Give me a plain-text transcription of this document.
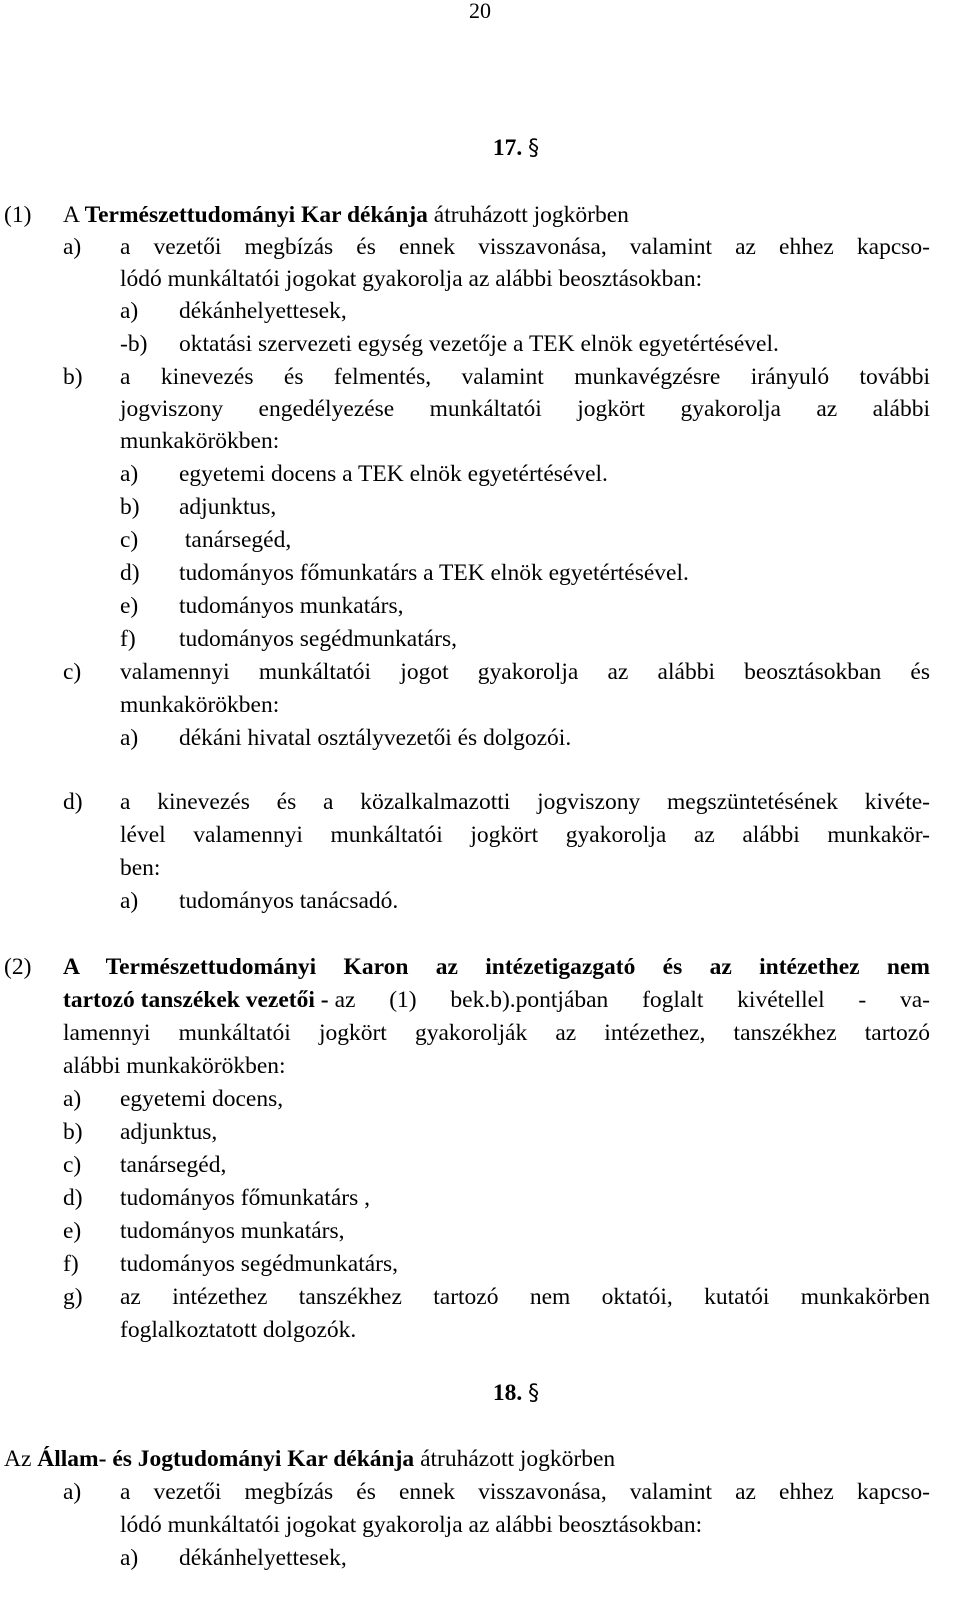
20
17. §
(1) A Természettudományi Kar dékánja átruházott jogkörben
a) a vezetői megbízás és ennek visszavonása, valamint az ehhez kapcso-
lódó munkáltatói jogokat gyakorolja az alábbi beosztásokban:
a) dékánhelyettesek,
-b) oktatási szervezeti egység vezetője a TEK elnök egyetértésével.
b) a kinevezés és felmentés, valamint munkavégzésre irányuló további
jogviszony engedélyezése munkáltatói jogkört gyakorolja az alábbi
munkakörökben:
a) egyetemi docens a TEK elnök egyetértésével.
b) adjunktus,
c) tanársegéd,
d) tudományos főmunkatárs a TEK elnök egyetértésével.
e) tudományos munkatárs,
f) tudományos segédmunkatárs,
c) valamennyi munkáltatói jogot gyakorolja az alábbi beosztásokban és
munkakörökben:
a) dékáni hivatal osztályvezetői és dolgozói.
d) a kinevezés és a közalkalmazotti jogviszony megszüntetésének kivéte-
lével valamennyi munkáltatói jogkört gyakorolja az alábbi munkakör-
ben:
a) tudományos tanácsadó.
(2) A Természettudományi Karon az intézetigazgató és az intézethez nem
tartozó tanszékek vezetői - az (1) bek.b).pontjában foglalt kivétellel - va-
lamennyi munkáltatói jogkört gyakorolják az intézethez, tanszékhez tartozó
alábbi munkakörökben:
a) egyetemi docens,
b) adjunktus,
c) tanársegéd,
d) tudományos főmunkatárs ,
e) tudományos munkatárs,
f) tudományos segédmunkatárs,
g) az intézethez tanszékhez tartozó nem oktatói, kutatói munkakörben
foglalkoztatott dolgozók.
18. §
Az Állam- és Jogtudományi Kar dékánja átruházott jogkörben
a) a vezetői megbízás és ennek visszavonása, valamint az ehhez kapcso-
lódó munkáltatói jogokat gyakorolja az alábbi beosztásokban:
a) dékánhelyettesek,
